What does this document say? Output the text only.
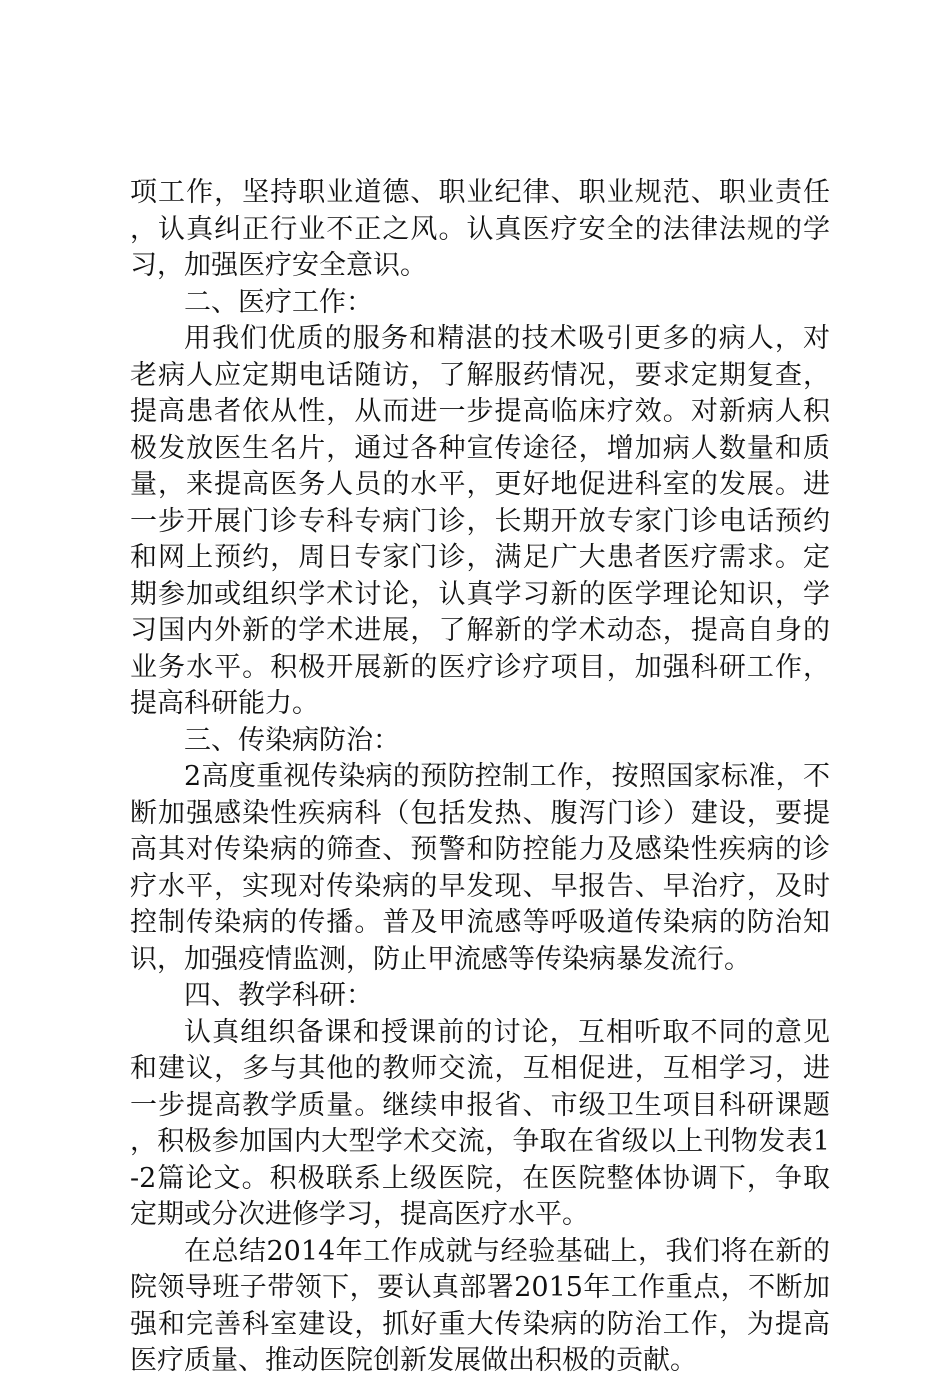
项工作，坚持职业道德、职业纪律、职业规范、职业责任，认真纠正行业不正之风。认真医疗安全的法律法规的学习，加强医疗安全意识。

二、医疗工作：

用我们优质的服务和精湛的技术吸引更多的病人，对老病人应定期电话随访，了解服药情况，要求定期复查，提高患者依从性，从而进一步提高临床疗效。对新病人积极发放医生名片，通过各种宣传途径，增加病人数量和质量，来提高医务人员的水平，更好地促进科室的发展。进一步开展门诊专科专病门诊，长期开放专家门诊电话预约和网上预约，周日专家门诊，满足广大患者医疗需求。定期参加或组织学术讨论，认真学习新的医学理论知识，学习国内外新的学术进展，了解新的学术动态，提高自身的业务水平。积极开展新的医疗诊疗项目，加强科研工作，提高科研能力。

三、传染病防治：

2高度重视传染病的预防控制工作，按照国家标准，不断加强感染性疾病科（包括发热、腹泻门诊）建设，要提高其对传染病的筛查、预警和防控能力及感染性疾病的诊疗水平，实现对传染病的早发现、早报告、早治疗，及时控制传染病的传播。普及甲流感等呼吸道传染病的防治知识，加强疫情监测，防止甲流感等传染病暴发流行。

四、教学科研：

认真组织备课和授课前的讨论，互相听取不同的意见和建议，多与其他的教师交流，互相促进，互相学习，进一步提高教学质量。继续申报省、市级卫生项目科研课题，积极参加国内大型学术交流，争取在省级以上刊物发表1-2篇论文。积极联系上级医院，在医院整体协调下，争取定期或分次进修学习，提高医疗水平。

在总结2014年工作成就与经验基础上，我们将在新的院领导班子带领下，要认真部署2015年工作重点，不断加强和完善科室建设，抓好重大传染病的防治工作，为提高医疗质量、推动医院创新发展做出积极的贡献。
